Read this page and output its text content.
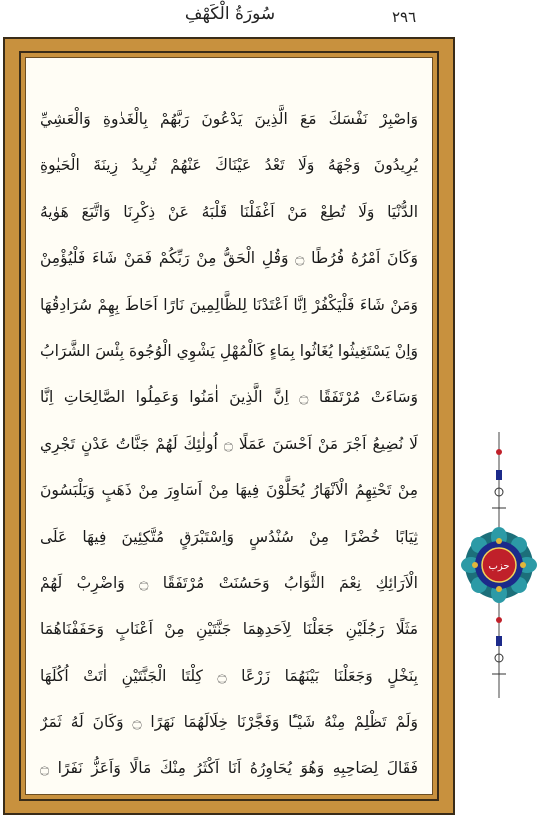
سُورَةُ الْكَهْفِ	٢٩٦
وَاصْبِرْ نَفْسَكَ مَعَ الَّذِينَ يَدْعُونَ رَبَّهُمْ بِالْغَدٰوةِ وَالْعَشِيِّ
يُرِيدُونَ وَجْهَهُ وَلَا تَعْدُ عَيْنَاكَ عَنْهُمْ تُرِيدُ زِينَةَ الْحَيٰوةِ
الدُّنْيَا وَلَا تُطِعْ مَنْ اَغْفَلْنَا قَلْبَهُ عَنْ ذِكْرِنَا وَاتَّبَعَ هَوٰيهُ
وَكَانَ اَمْرُهُ فُرُطًا ۝ وَقُلِ الْحَقُّ مِنْ رَبِّكُمْ فَمَنْ شَاءَ فَلْيُؤْمِنْ
وَمَنْ شَاءَ فَلْيَكْفُرْ اِنَّا اَعْتَدْنَا لِلظَّالِمِينَ نَارًا اَحَاطَ بِهِمْ سُرَادِقُهَا
وَاِنْ يَسْتَغِيثُوا يُغَاثُوا بِمَاءٍ كَالْمُهْلِ يَشْوِي الْوُجُوهَ بِئْسَ الشَّرَابُ
وَسَاءَتْ مُرْتَفَقًا ۝ اِنَّ الَّذِينَ اٰمَنُوا وَعَمِلُوا الصَّالِحَاتِ اِنَّا
لَا نُضِيعُ اَجْرَ مَنْ اَحْسَنَ عَمَلًا ۝ اُولٰئِكَ لَهُمْ جَنَّاتُ عَدْنٍ تَجْرِي
مِنْ تَحْتِهِمُ الْاَنْهَارُ يُحَلَّوْنَ فِيهَا مِنْ اَسَاوِرَ مِنْ ذَهَبٍ وَيَلْبَسُونَ
ثِيَابًا خُضْرًا مِنْ سُنْدُسٍ وَاِسْتَبْرَقٍ مُتَّكِئِينَ فِيهَا عَلَى
الْاَرَائِكِ نِعْمَ الثَّوَابُ وَحَسُنَتْ مُرْتَفَقًا ۝ وَاضْرِبْ لَهُمْ
مَثَلًا رَجُلَيْنِ جَعَلْنَا لِاَحَدِهِمَا جَنَّتَيْنِ مِنْ اَعْنَابٍ وَحَفَفْنَاهُمَا
بِنَخْلٍ وَجَعَلْنَا بَيْنَهُمَا زَرْعًا ۝ كِلْتَا الْجَنَّتَيْنِ اٰتَتْ اُكُلَهَا
وَلَمْ تَظْلِمْ مِنْهُ شَيْـًٔا وَفَجَّرْنَا خِلَالَهُمَا نَهَرًا ۝ وَكَانَ لَهُ ثَمَرٌ
فَقَالَ لِصَاحِبِهِ وَهُوَ يُحَاوِرُهُ اَنَا اَكْثَرُ مِنْكَ مَالًا وَاَعَزُّ نَفَرًا ۝
حزب
